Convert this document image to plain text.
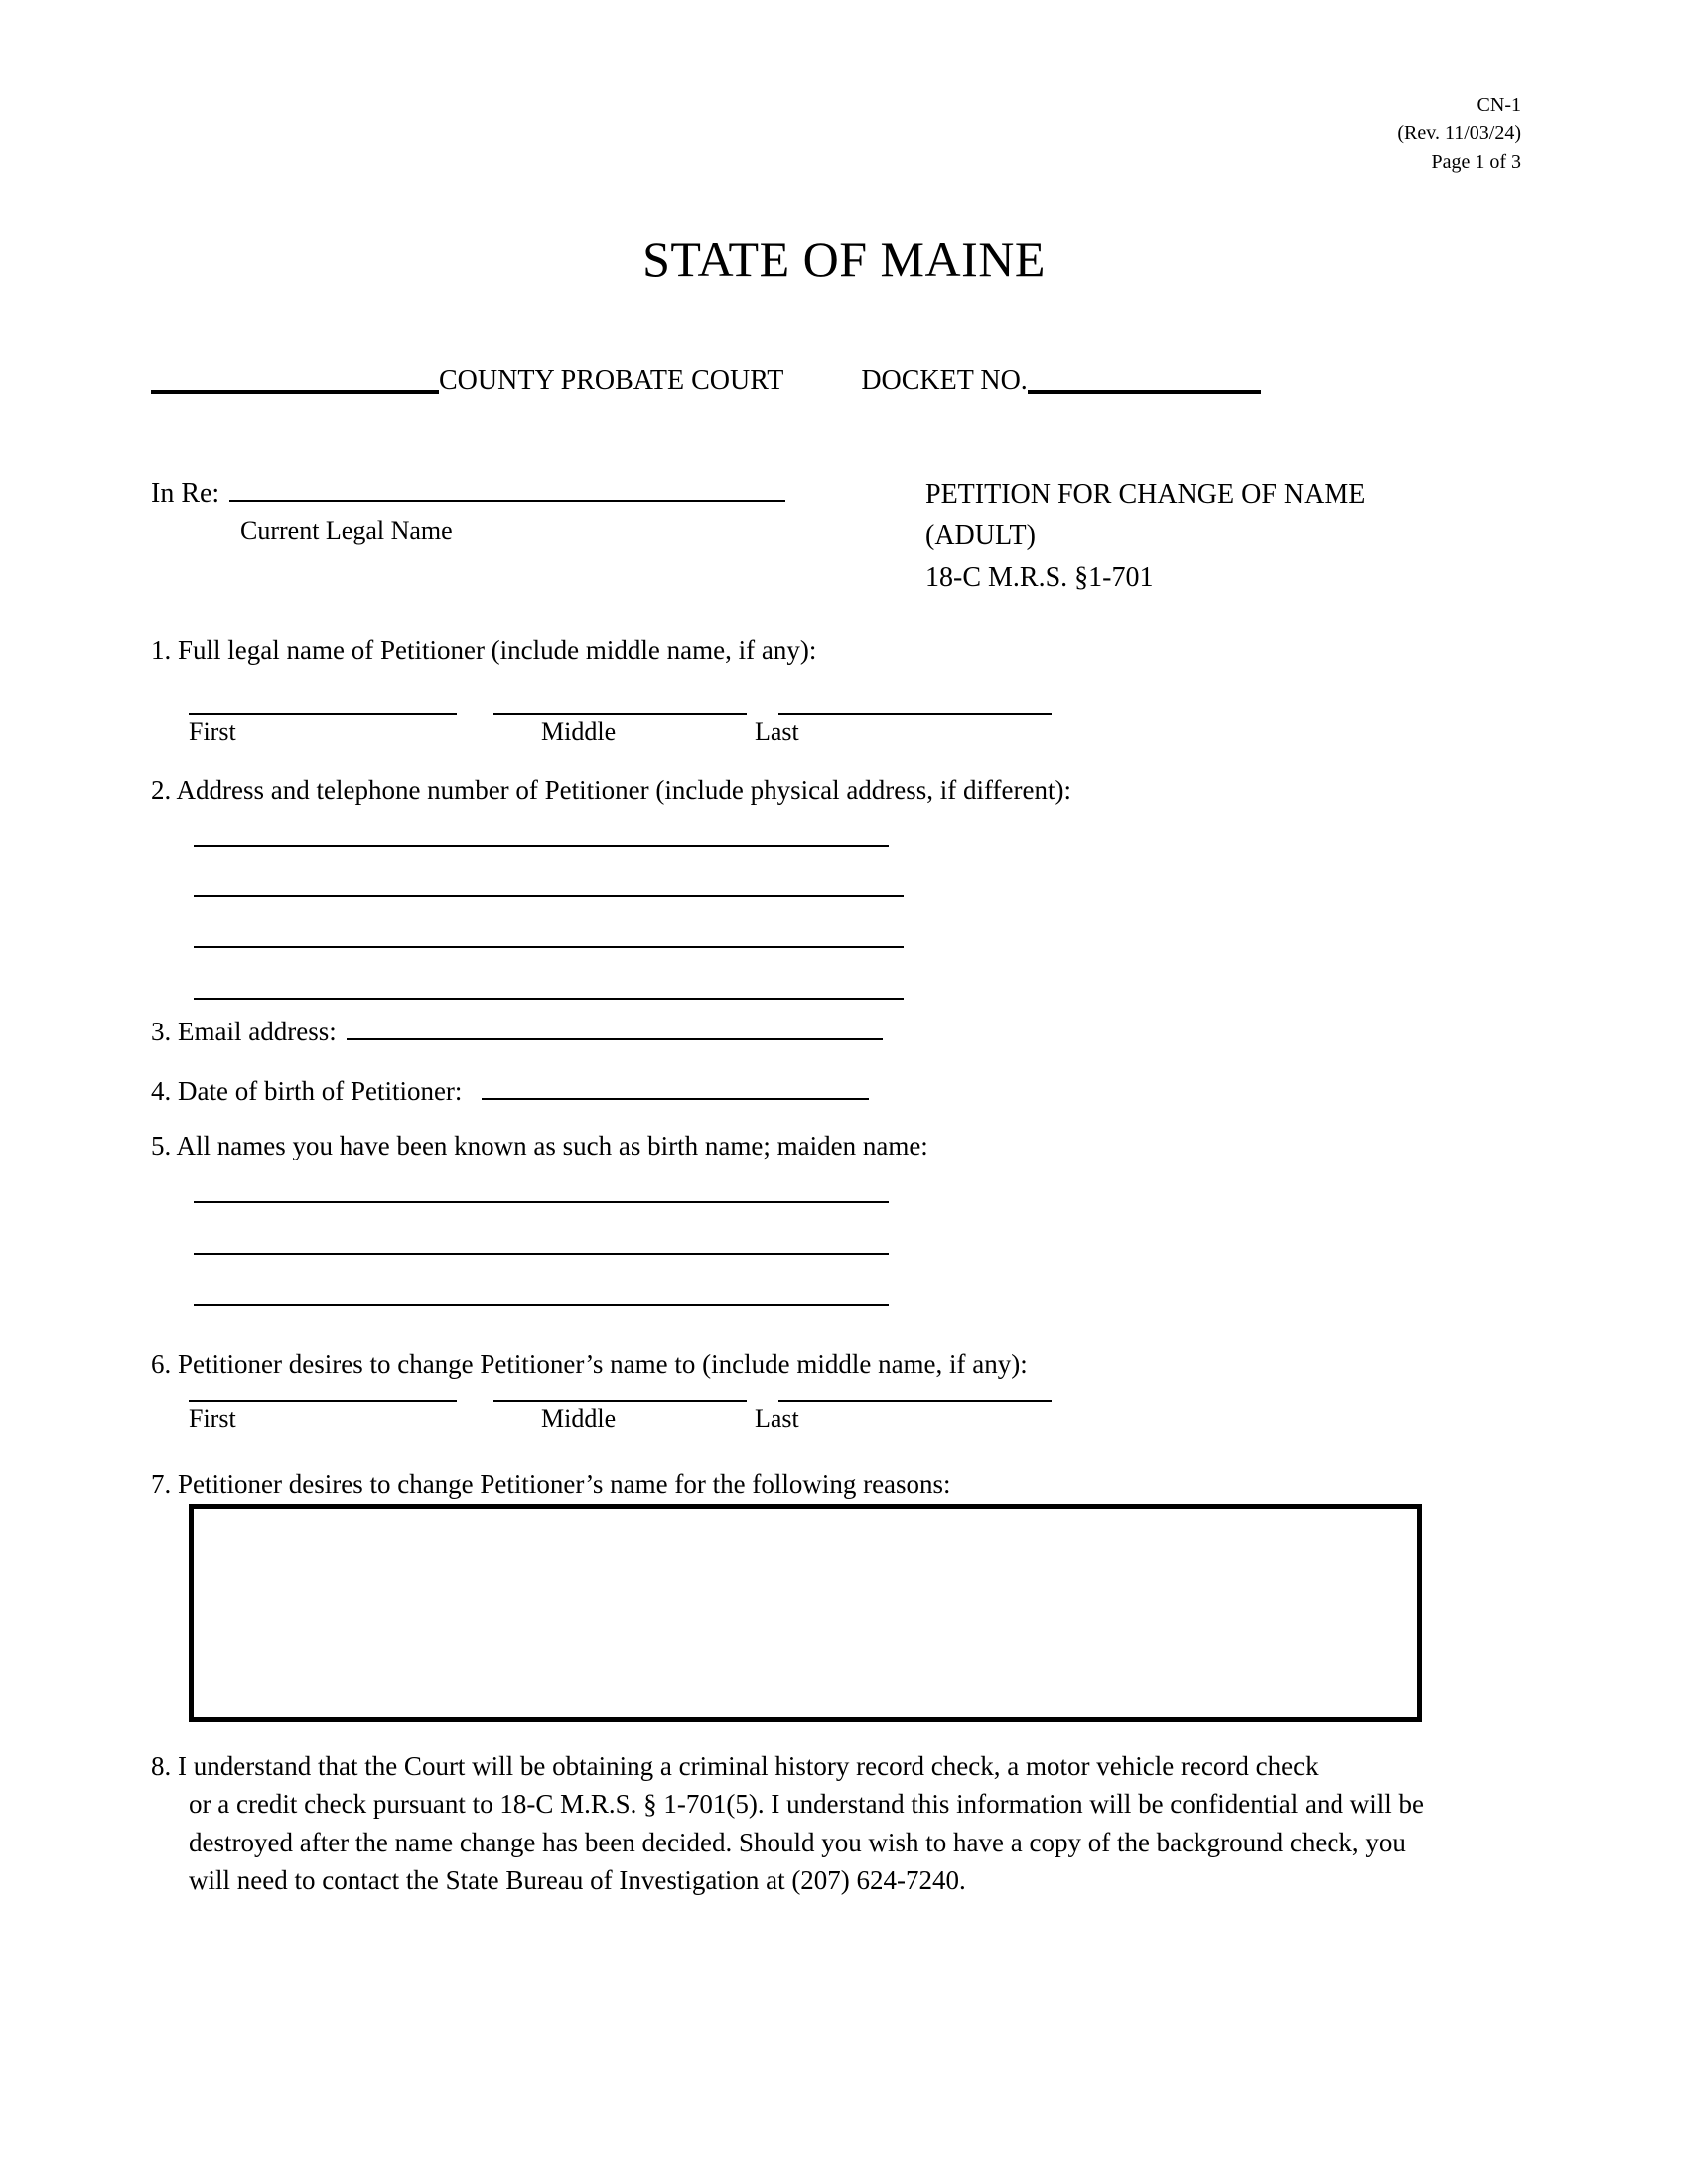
CN-1
(Rev. 11/03/24)
Page 1 of 3
STATE OF MAINE
COUNTY PROBATE COURT	DOCKET NO.
In Re:
Current Legal Name
PETITION FOR CHANGE OF NAME
(ADULT)
18-C M.R.S. §1-701
1. Full legal name of Petitioner (include middle name, if any):
First	Middle	Last
2. Address and telephone number of Petitioner (include physical address, if different):
3. Email address:
4. Date of birth of Petitioner:
5. All names you have been known as such as birth name; maiden name:
6. Petitioner desires to change Petitioner’s name to (include middle name, if any):
First	Middle	Last
7. Petitioner desires to change Petitioner’s name for the following reasons:
8. I understand that the Court will be obtaining a criminal history record check, a motor vehicle record check
or a credit check pursuant to 18-C M.R.S. § 1-701(5). I understand this information will be confidential and will be
destroyed after the name change has been decided. Should you wish to have a copy of the background check, you
will need to contact the State Bureau of Investigation at (207) 624-7240.
